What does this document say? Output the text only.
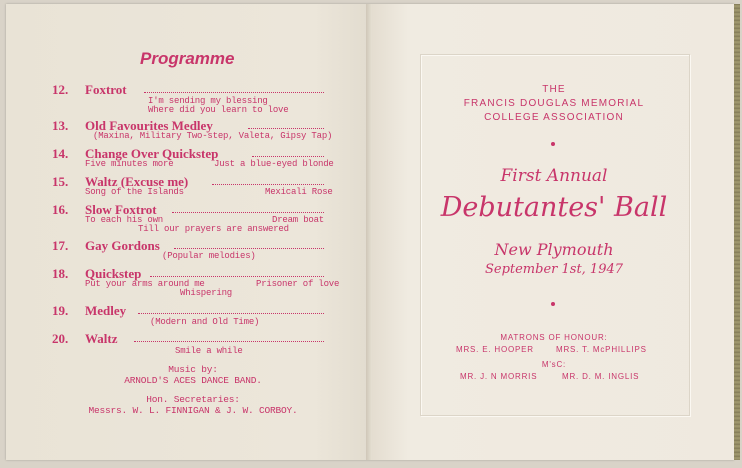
Programme
12.	Foxtrot
I'm sending my blessing
Where did you learn to love
13.	Old Favourites Medley
(Maxina, Military Two-step, Valeta, Gipsy Tap)
14.	Change Over Quickstep
Five minutes more	Just a blue-eyed blonde
15.	Waltz (Excuse me)
Song of the Islands	Mexicali Rose
16.	Slow Foxtrot
To each his own	Dream boat
Till our prayers are answered
17.	Gay Gordons
(Popular melodies)
18.	Quickstep
Put your arms around me	Prisoner of love
Whispering
19.	Medley
(Modern and Old Time)
20.	Waltz
Smile a while
Music by:
ARNOLD'S ACES DANCE BAND.
Hon. Secretaries:
Messrs. W. L. FINNIGAN & J. W. CORBOY.
THE
FRANCIS DOUGLAS MEMORIAL
COLLEGE ASSOCIATION
First Annual
Debutantes' Ball
New Plymouth
September 1st, 1947
MATRONS OF HONOUR:
MRS. E. HOOPER	MRS. T. McPHILLIPS
M'sC:
MR. J. N MORRIS	MR. D. M. INGLIS
